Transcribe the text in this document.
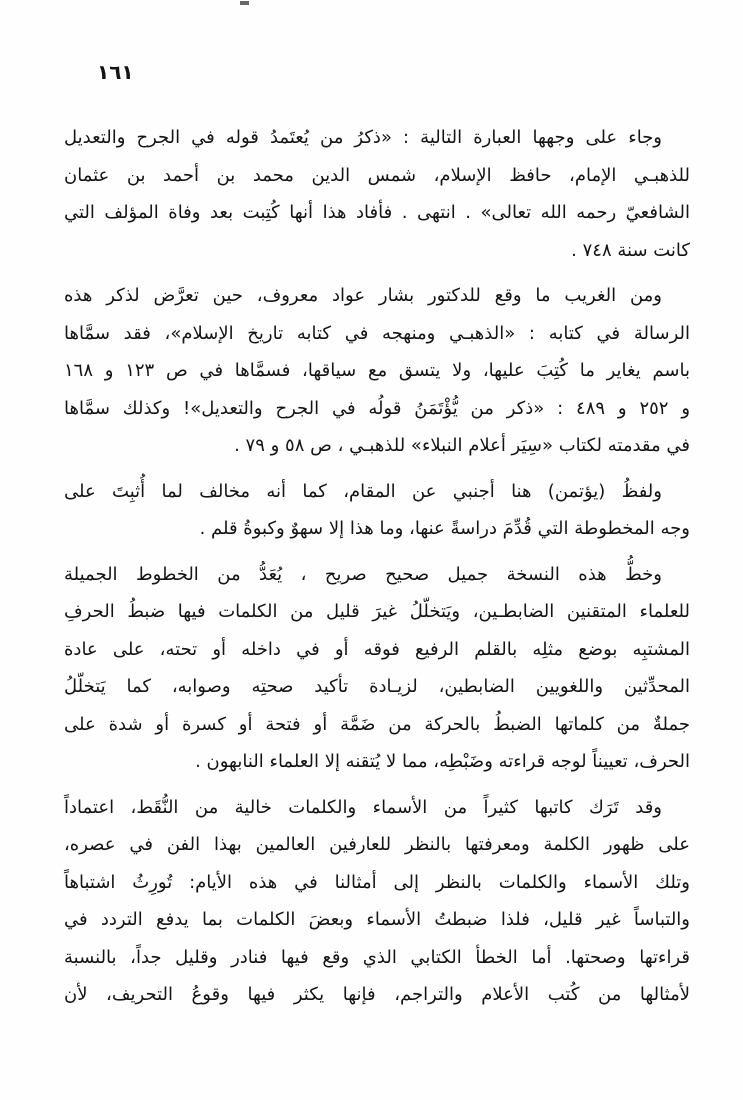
١٦١

وجاء على وجهها العبارة التالية : «ذكرُ من يُعتَمدُ قوله في الجرح والتعديل
للذهبـي الإمام، حافظ الإسلام، شمس الدين محمد بن أحمد بن عثمان
الشافعيّ رحمه الله تعالى» . انتهى . فأفاد هذا أنها كُتِبت بعد وفاة المؤلف التي
كانت سنة ٧٤٨ .

ومن الغريب ما وقع للدكتور بشار عواد معروف، حين تعرَّض لذكر هذه
الرسالة في كتابه : «الذهبـي ومنهجه في كتابه تاريخ الإسلام»، فقد سمَّاها
باسم يغاير ما كُتِبَ عليها، ولا يتسق مع سياقها، فسمَّاها في ص ١٢٣ و ١٦٨
و ٢٥٢ و ٤٨٩ : «ذكر من يُّؤْتَمَنُ قولُه في الجرح والتعديل»! وكذلك سمَّاها
في مقدمته لكتاب «سِيَر أعلام النبلاء» للذهبـي ، ص ٥٨ و ٧٩ .

ولفظُ (يؤتمن) هنا أجنبي عن المقام، كما أنه مخالف لما أُثبِتَ على
وجه المخطوطة التي قُدِّمَ دراسةً عنها، وما هذا إلا سهوٌ وكبوةُ قلم .

وخطُّ هذه النسخة جميل صحيح صريح ، يُعَدُّ من الخطوط الجميلة
للعلماء المتقنين الضابطـين، ويَتخلّلُ غيرَ قليل من الكلمات فيها ضبطُ الحرفِ
المشتبِه بوضع مثلِه بالقلم الرفيع فوقه أو في داخله أو تحته، على عادة
المحدِّثين واللغويين الضابطين، لزيـادة تأكيد صحتِه وصوابه، كما يَتخلّلُ
جملةٌ من كلماتها الضبطُ بالحركة من ضَمَّة أو فتحة أو كسرة أو شدة على
الحرف، تعييناً لوجه قراءته وضَبْطِه، مما لا يُتقنه إلا العلماء النابهون .

وقد تَرَك كاتبها كثيراً من الأسماء والكلمات خالية من النُّقَط، اعتماداً
على ظهور الكلمة ومعرفتها بالنظر للعارفين العالمين بهذا الفن في عصره،
وتلك الأسماء والكلمات بالنظر إلى أمثالنا في هذه الأيام: تُورِثُ اشتباهاً
والتباساً غير قليل، فلذا ضبطتُ الأسماء وبعضَ الكلمات بما يدفع التردد في
قراءتها وصحتها. أما الخطأ الكتابي الذي وقع فيها فنادر وقليل جداً، بالنسبة
لأمثالها من كُتب الأعلام والتراجم، فإنها يكثر فيها وقوعُ التحريف، لأن
